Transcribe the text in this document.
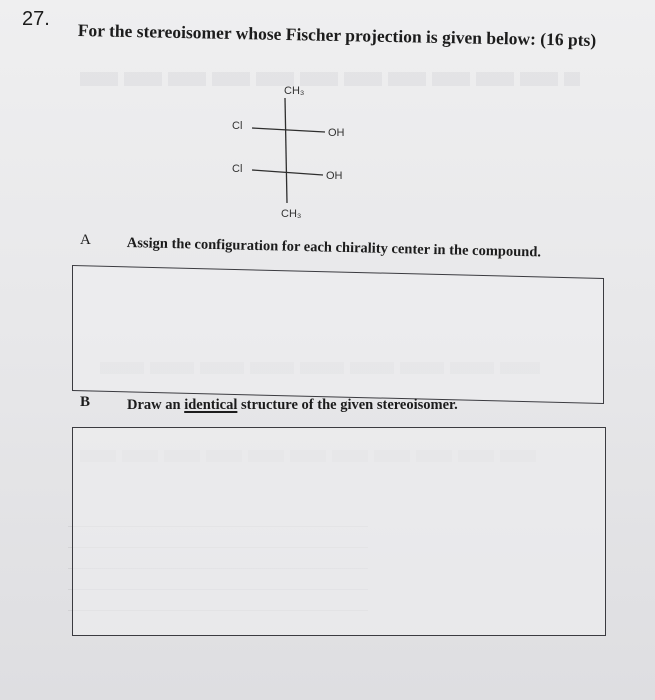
27.
For the stereoisomer whose Fischer projection is given below: (16 pts)
CH₃
Cl
OH
Cl
OH
CH₃
A Assign the configuration for each chirality center in the compound.
B	Draw an identical structure of the given stereoisomer.
